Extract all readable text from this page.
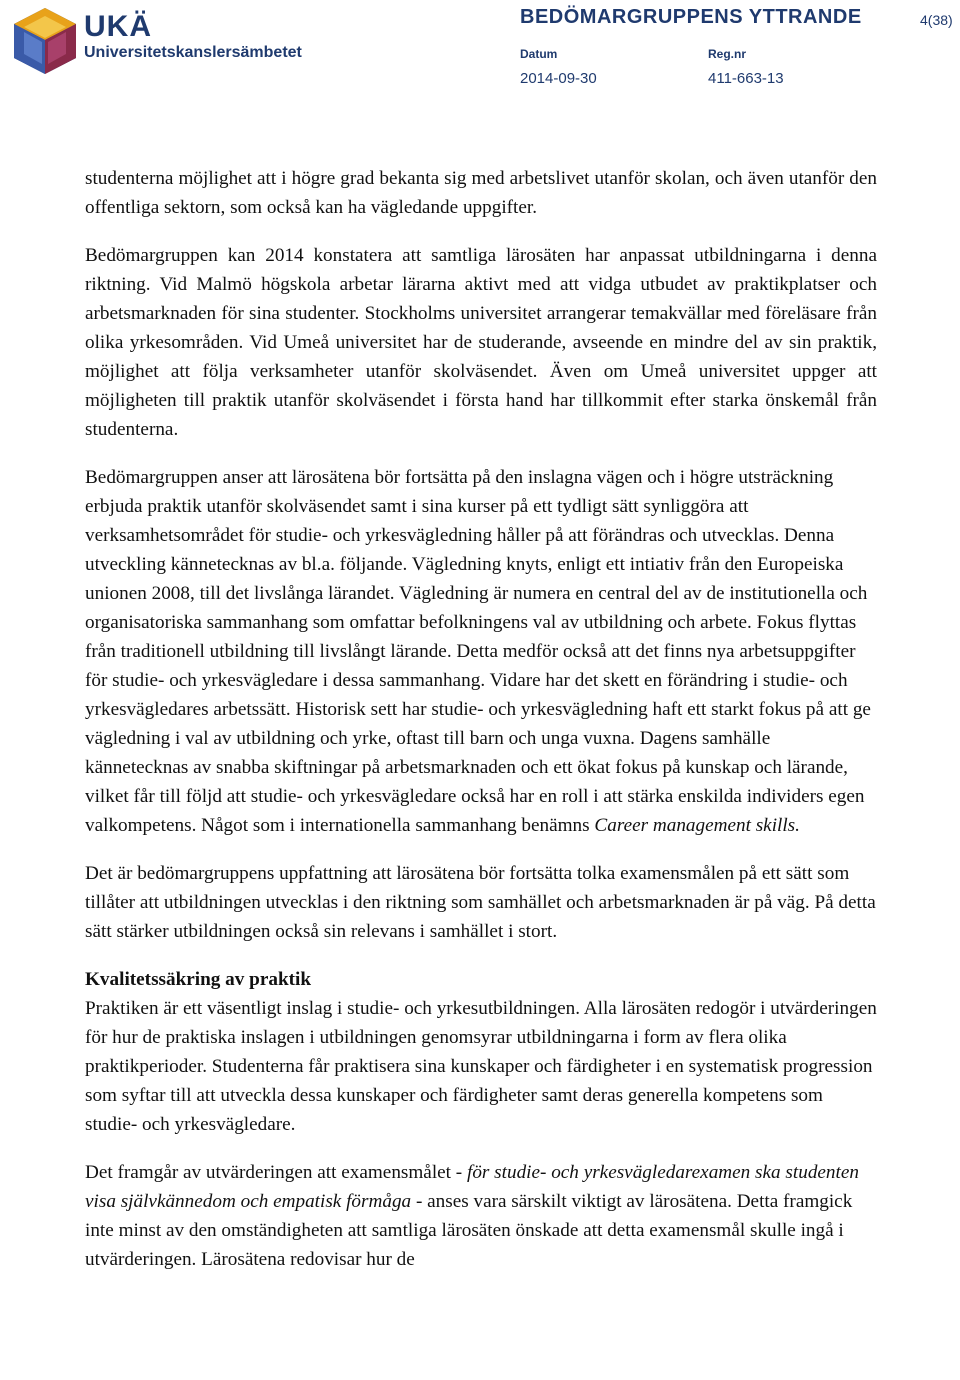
UKÄ
Universitetskanslersämbetet
BEDÖMARGRUPPENS YTTRANDE	4(38)
Datum
2014-09-30
Reg.nr
411-663-13

studenterna möjlighet att i högre grad bekanta sig med arbetslivet utanför skolan, och även utanför den offentliga sektorn, som också kan ha vägledande uppgifter.

Bedömargruppen kan 2014 konstatera att samtliga lärosäten har anpassat utbildningarna i denna riktning. Vid Malmö högskola arbetar lärarna aktivt med att vidga utbudet av praktikplatser och arbetsmarknaden för sina studenter. Stockholms universitet arrangerar temakvällar med föreläsare från olika yrkesområden. Vid Umeå universitet har de studerande, avseende en mindre del av sin praktik, möjlighet att följa verksamheter utanför skolväsendet. Även om Umeå universitet uppger att möjligheten till praktik utanför skolväsendet i första hand har tillkommit efter starka önskemål från studenterna.

Bedömargruppen anser att lärosätena bör fortsätta på den inslagna vägen och i högre utsträckning erbjuda praktik utanför skolväsendet samt i sina kurser på ett tydligt sätt synliggöra att verksamhetsområdet för studie- och yrkesvägledning håller på att förändras och utvecklas. Denna utveckling kännetecknas av bl.a. följande. Vägledning knyts, enligt ett intiativ från den Europeiska unionen 2008, till det livslånga lärandet. Vägledning är numera en central del av de institutionella och organisatoriska sammanhang som omfattar befolkningens val av utbildning och arbete. Fokus flyttas från traditionell utbildning till livslångt lärande. Detta medför också att det finns nya arbetsuppgifter för studie- och yrkesvägledare i dessa sammanhang. Vidare har det skett en förändring i studie- och yrkesvägledares arbetssätt. Historisk sett har studie- och yrkesvägledning haft ett starkt fokus på att ge vägledning i val av utbildning och yrke, oftast till barn och unga vuxna. Dagens samhälle kännetecknas av snabba skiftningar på arbetsmarknaden och ett ökat fokus på kunskap och lärande, vilket får till följd att studie- och yrkesvägledare också har en roll i att stärka enskilda individers egen valkompetens. Något som i internationella sammanhang benämns Career management skills.

Det är bedömargruppens uppfattning att lärosätena bör fortsätta tolka examensmålen på ett sätt som tillåter att utbildningen utvecklas i den riktning som samhället och arbetsmarknaden är på väg. På detta sätt stärker utbildningen också sin relevans i samhället i stort.

Kvalitetssäkring av praktik

Praktiken är ett väsentligt inslag i studie- och yrkesutbildningen. Alla lärosäten redogör i utvärderingen för hur de praktiska inslagen i utbildningen genomsyrar utbildningarna i form av flera olika praktikperioder. Studenterna får praktisera sina kunskaper och färdigheter i en systematisk progression som syftar till att utveckla dessa kunskaper och färdigheter samt deras generella kompetens som studie- och yrkesvägledare.

Det framgår av utvärderingen att examensmålet - för studie- och yrkesvägledarexamen ska studenten visa självkännedom och empatisk förmåga - anses vara särskilt viktigt av lärosätena. Detta framgick inte minst av den omständigheten att samtliga lärosäten önskade att detta examensmål skulle ingå i utvärderingen. Lärosätena redovisar hur de
